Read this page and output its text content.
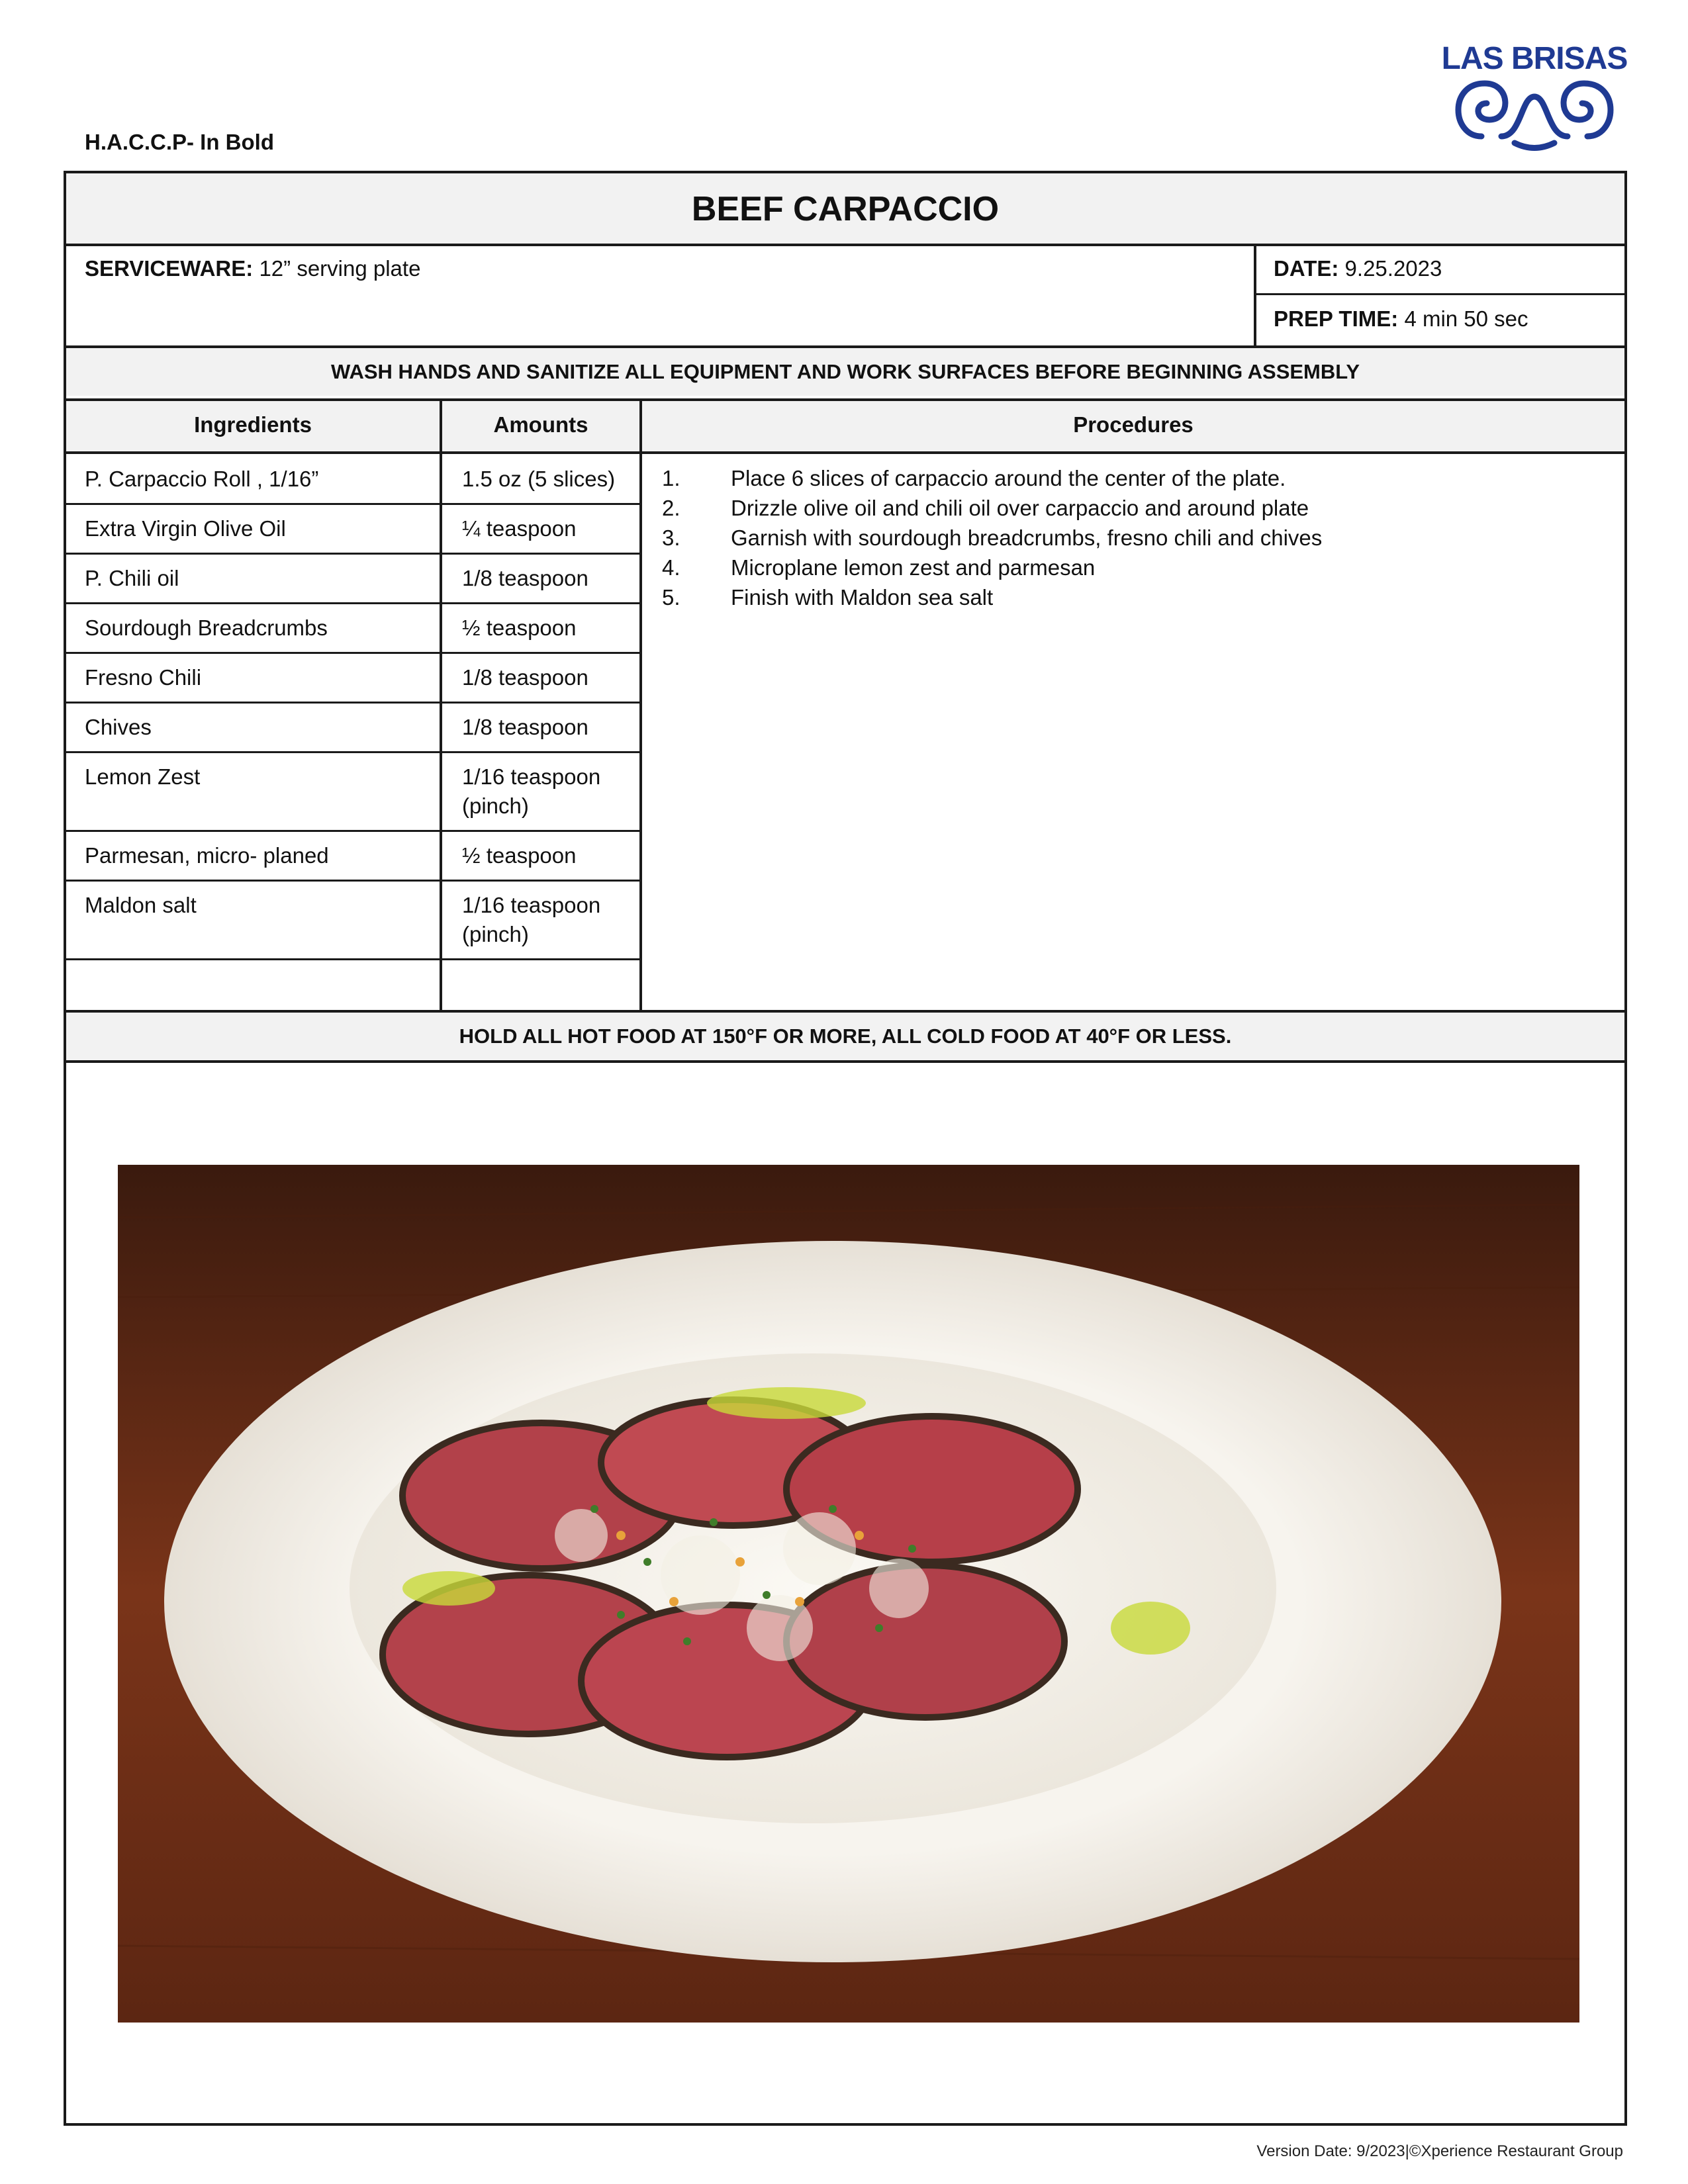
H.A.C.C.P- In Bold
LAS BRISAS
BEEF CARPACCIO
SERVICEWARE: 12” serving plate	DATE: 9.25.2023
PREP TIME: 4 min 50 sec
WASH HANDS AND SANITIZE ALL EQUIPMENT AND WORK SURFACES BEFORE BEGINNING ASSEMBLY
Ingredients	Amounts	Procedures
P. Carpaccio Roll , 1/16”	1.5 oz (5 slices)
Extra Virgin Olive Oil	¼ teaspoon
P. Chili oil	1/8 teaspoon
Sourdough Breadcrumbs	½ teaspoon
Fresno Chili	1/8 teaspoon
Chives	1/8 teaspoon
Lemon Zest	1/16 teaspoon (pinch)
Parmesan, micro- planed	½ teaspoon
Maldon salt	1/16 teaspoon (pinch)
1. Place 6 slices of carpaccio around the center of the plate.
2. Drizzle olive oil and chili oil over carpaccio and around plate
3. Garnish with sourdough breadcrumbs, fresno chili and chives
4. Microplane lemon zest and parmesan
5. Finish with Maldon sea salt
HOLD ALL HOT FOOD AT 150°F OR MORE, ALL COLD FOOD AT 40°F OR LESS.
Version Date: 9/2023|©Xperience Restaurant Group
